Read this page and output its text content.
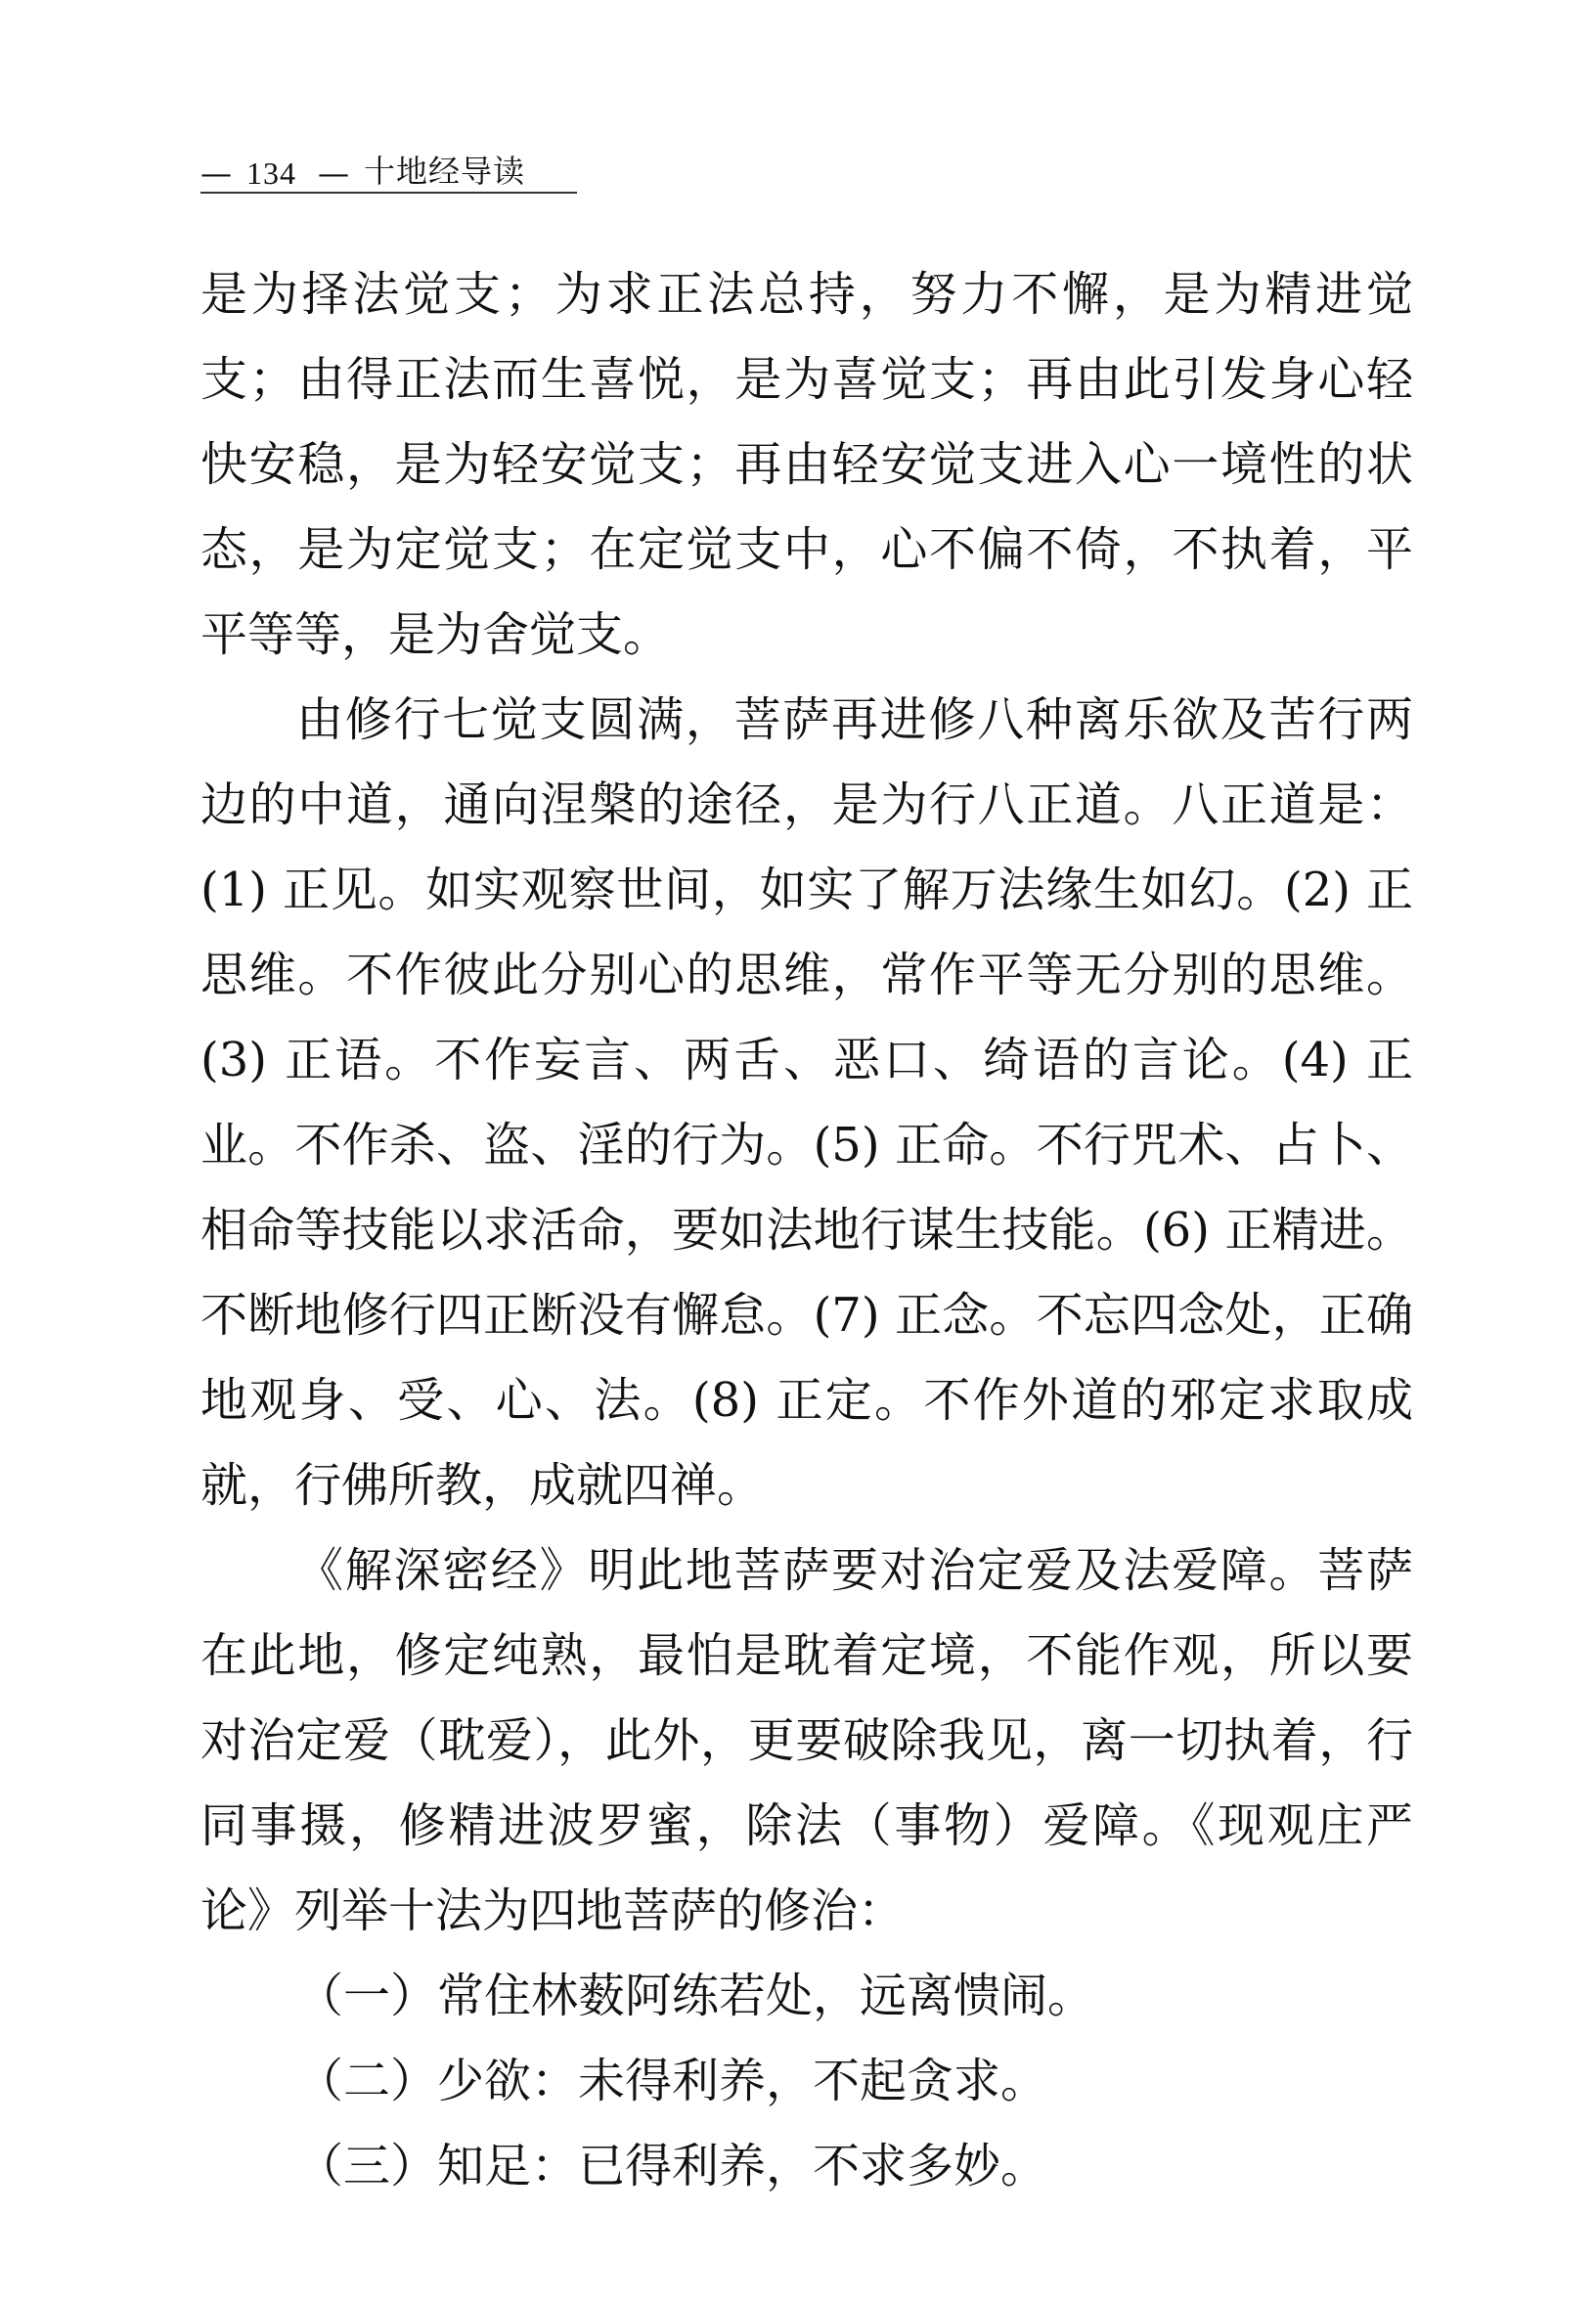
— 134 — 十地经导读

是为择法觉支；为求正法总持，努力不懈，是为精进觉支；由得正法而生喜悦，是为喜觉支；再由此引发身心轻快安稳，是为轻安觉支；再由轻安觉支进入心一境性的状态，是为定觉支；在定觉支中，心不偏不倚，不执着，平平等等，是为舍觉支。

由修行七觉支圆满，菩萨再进修八种离乐欲及苦行两边的中道，通向涅槃的途径，是为行八正道。八正道是：(1) 正见。如实观察世间，如实了解万法缘生如幻。(2) 正思维。不作彼此分别心的思维，常作平等无分别的思维。(3) 正语。不作妄言、两舌、恶口、绮语的言论。(4) 正业。不作杀、盗、淫的行为。(5) 正命。不行咒术、占卜、相命等技能以求活命，要如法地行谋生技能。(6) 正精进。不断地修行四正断没有懈怠。(7) 正念。不忘四念处，正确地观身、受、心、法。(8) 正定。不作外道的邪定求取成就，行佛所教，成就四禅。

《解深密经》明此地菩萨要对治定爱及法爱障。菩萨在此地，修定纯熟，最怕是耽着定境，不能作观，所以要对治定爱（耽爱），此外，更要破除我见，离一切执着，行同事摄，修精进波罗蜜，除法（事物）爱障。《现观庄严论》列举十法为四地菩萨的修治：

（一）常住林薮阿练若处，远离愦闹。

（二）少欲：未得利养，不起贪求。

（三）知足：已得利养，不求多妙。
